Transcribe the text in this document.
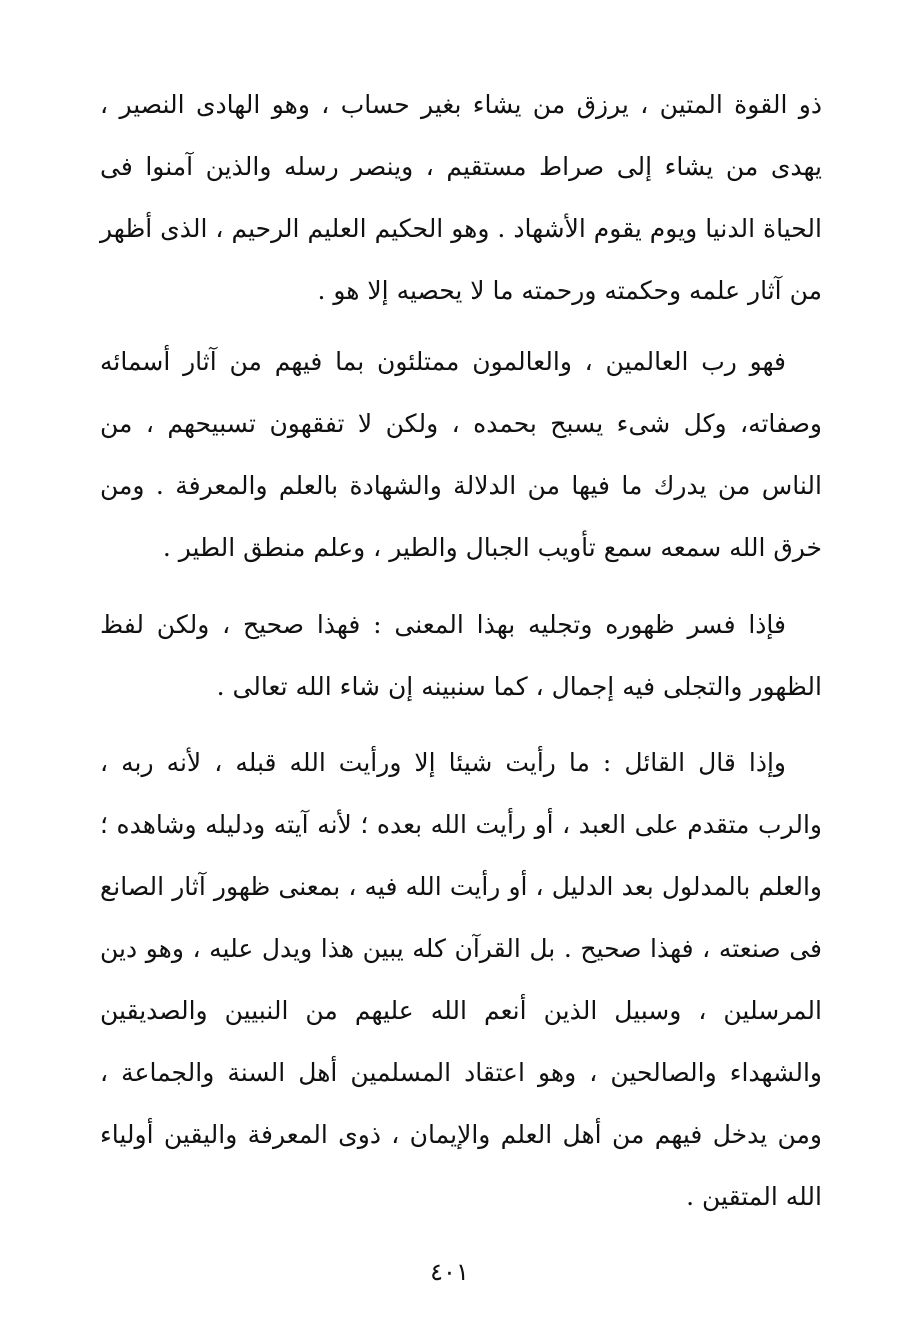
ذو القوة المتين ، يرزق من يشاء بغير حساب ، وهو الهادى النصير ، يهدى من يشاء إلى صراط مستقيم ، وينصر رسله والذين آمنوا فى الحياة الدنيا ويوم يقوم الأشهاد . وهو الحكيم العليم الرحيم ، الذى أظهر من آثار علمه وحكمته ورحمته ما لا يحصيه إلا هو .

فهو رب العالمين ، والعالمون ممتلئون بما فيهم من آثار أسمائه وصفاته، وكل شىء يسبح بحمده ، ولكن لا تفقهون تسبيحهم ، من الناس من يدرك ما فيها من الدلالة والشهادة بالعلم والمعرفة . ومن خرق الله سمعه سمع تأويب الجبال والطير ، وعلم منطق الطير .

فإذا فسر ظهوره وتجليه بهذا المعنى : فهذا صحيح ، ولكن لفظ الظهور والتجلى فيه إجمال ، كما سنبينه إن شاء الله تعالى .

وإذا قال القائل : ما رأيت شيئا إلا ورأيت الله قبله ، لأنه ربه ، والرب متقدم على العبد ، أو رأيت الله بعده ؛ لأنه آيته ودليله وشاهده ؛ والعلم بالمدلول بعد الدليل ، أو رأيت الله فيه ، بمعنى ظهور آثار الصانع فى صنعته ، فهذا صحيح . بل القرآن كله يبين هذا ويدل عليه ، وهو دين المرسلين ، وسبيل الذين أنعم الله عليهم من النبيين والصديقين والشهداء والصالحين ، وهو اعتقاد المسلمين أهل السنة والجماعة ، ومن يدخل فيهم من أهل العلم والإيمان ، ذوى المعرفة واليقين أولياء الله المتقين .

٤٠١
